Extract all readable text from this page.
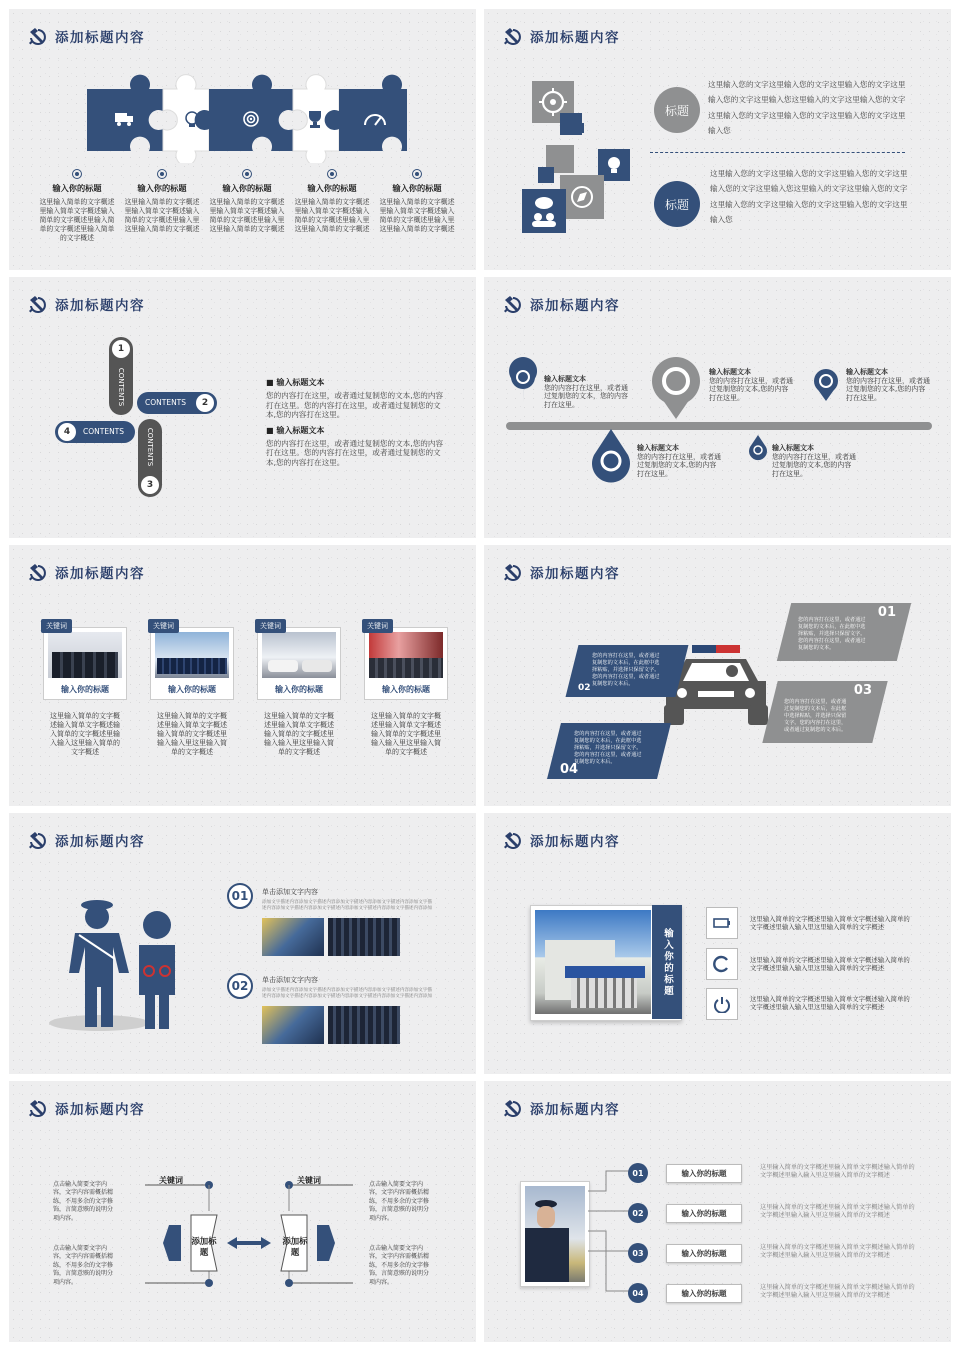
添加标题内容
输入你的标题
这里输入简单的文字概述里输入简单文字概述输入简单的文字概述里输入简单的文字概述里输入简单的文字概述
输入你的标题
这里输入简单的文字概述里输入简单文字概述输入简单的文字概述里输入里这里输入简单的文字概述
输入你的标题
这里输入简单的文字概述里输入简单文字概述输入简单的文字概述里输入里这里输入简单的文字概述
输入你的标题
这里输入简单的文字概述里输入简单文字概述输入简单的文字概述里输入里这里输入简单的文字概述
输入你的标题
这里输入简单的文字概述里输入简单文字概述输入简单的文字概述里输入里这里输入简单的文字概述
添加标题内容
标题
这里输入您的文字这里输入您的文字这里输入您的文字这里输入您的文字这里输入您这里输入的文字这里输入您的文字这里输入您的文字这里输入您的文字这里输入您的文字这里输入您
标题
这里输入您的文字这里输入您的文字这里输入您的文字这里输入您的文字这里输入您这里输入的文字这里输入您的文字这里输入您的文字这里输入您的文字这里输入您的文字这里输入您
添加标题内容
1
CONTENTS	CONTENTS	2
4	CONTENTS	CONTENTS
3
■ 输入标题文本
您的内容打在这里，或者通过复制您的文本,您的内容打在这里。您的内容打在这里，或者通过复制您的文本,您的内容打在这里。
■ 输入标题文本
您的内容打在这里，或者通过复制您的文本,您的内容打在这里。您的内容打在这里，或者通过复制您的文本,您的内容打在这里。
添加标题内容
输入标题文本
您的内容打在这里，或者通过复制您的文本，您的内容打在这里。
输入标题文本
您的内容打在这里，或者通过复制您的文本,您的内容打在这里。
输入标题文本
您的内容打在这里，或者通过复制您的文本,您的内容打在这里。
输入标题文本
您的内容打在这里，或者通过复制您的文本,您的内容打在这里。
输入标题文本
您的内容打在这里，或者通过复制您的文本,您的内容打在这里。
添加标题内容
关键词
输入你的标题
这里输入简单的文字概述输入简单文字概述输入简单的文字概述里输入输入这里输入简单的文字概述
关键词
输入你的标题
这里输入简单的文字概述里输入简单文字概述输入简单的文字概述里输入输入里这里输入简单的文字概述
关键词
输入你的标题
这里输入简单的文字概述里输入简单文字概述输入简单的文字概述里输入输入里这里输入简单的文字概述
关键词
输入你的标题
这里输入简单的文字概述里输入简单文字概述输入简单的文字概述里输入输入里这里输入简单的文字概述
添加标题内容
01
您的内容打在这里，或者通过复制您的文本后，在此框中选择粘贴，并选择只保留文字。您的内容打在这里，或者通过复制您的文本。
您的内容打在这里，或者通过复制您的文本后，在此框中选择粘贴，并选择只保留文字。您的内容打在这里，或者通过复制您的文本后。
02	03
您的内容打在这里，或者通过复制您的文本后，在此框中选择粘贴，并选择只保留文字。您的内容打在这里，或者通过复制您的文本后。
您的内容打在这里，或者通过复制您的文本后，在此框中选择粘贴，并选择只保留文字。您的内容打在这里，或者通过复制您的文本后。
04
添加标题内容
01	单击添加文字内容
添加文字描述内容添加文字描述内容添加文字描述内容添加文字描述内容添加文字描述内容添加文字描述内容添加文字描述内容添加文字描述内容添加文字描述内容添加
02	单击添加文字内容
添加文字描述内容添加文字描述内容添加文字描述内容添加文字描述内容添加文字描述内容添加文字描述内容添加文字描述内容添加文字描述内容添加文字描述内容添加
添加标题内容
输入你的标题
这里输入简单的文字概述里输入简单文字概述输入简单的文字概述里输入输入里这里输入简单的文字概述
这里输入简单的文字概述里输入简单文字概述输入简单的文字概述里输入输入里这里输入简单的文字概述
这里输入简单的文字概述里输入简单文字概述输入简单的文字概述里输入输入里这里输入简单的文字概述
添加标题内容
点击输入简要文字内容，文字内容需概括精练，不用多余的文字修饰，言简意赅的说明分项内容。
点击输入简要文字内容，文字内容需概括精练，不用多余的文字修饰，言简意赅的说明分项内容。
点击输入简要文字内容，文字内容需概括精练，不用多余的文字修饰，言简意赅的说明分项内容。
点击输入简要文字内容，文字内容需概括精练，不用多余的文字修饰，言简意赅的说明分项内容。
关键词	关键词
添加标题
添加标题
添加标题内容
01	输入你的标题
这里输入简单的文字概述里输入简单文字概述输入简单的文字概述里输入输入里这里输入简单的文字概述
02	输入你的标题
这里输入简单的文字概述里输入简单文字概述输入简单的文字概述里输入输入里这里输入简单的文字概述
03	输入你的标题
这里输入简单的文字概述里输入简单文字概述输入简单的文字概述里输入输入里这里输入简单的文字概述
04	输入你的标题
这里输入简单的文字概述里输入简单文字概述输入简单的文字概述里输入输入里这里输入简单的文字概述
